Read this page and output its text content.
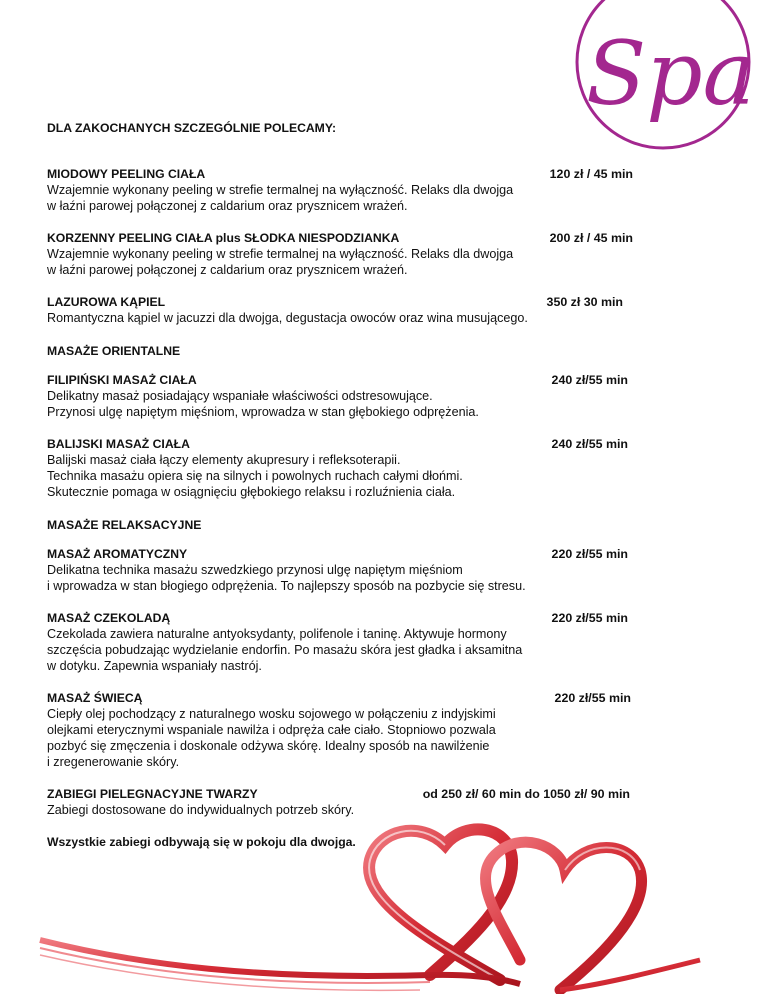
Spa
DLA ZAKOCHANYCH SZCZEGÓLNIE POLECAMY:
MIODOWY PEELING CIAŁA	120 zł / 45 min
Wzajemnie wykonany peeling w strefie termalnej na wyłączność. Relaks dla dwojga
w łaźni parowej połączonej z caldarium oraz prysznicem wrażeń.
KORZENNY PEELING CIAŁA plus SŁODKA NIESPODZIANKA	200 zł / 45 min
Wzajemnie wykonany peeling w strefie termalnej na wyłączność. Relaks dla dwojga
w łaźni parowej połączonej z caldarium oraz prysznicem wrażeń.
LAZUROWA KĄPIEL	350 zł 30 min
Romantyczna kąpiel w jacuzzi dla dwojga, degustacja owoców oraz wina musującego.
MASAŻE ORIENTALNE
FILIPIŃSKI MASAŻ CIAŁA	240 zł/55 min
Delikatny masaż posiadający wspaniałe właściwości odstresowujące.
Przynosi ulgę napiętym mięśniom, wprowadza w stan głębokiego odprężenia.
BALIJSKI MASAŻ CIAŁA	240 zł/55 min
Balijski masaż ciała łączy elementy akupresury i refleksoterapii.
Technika masażu opiera się na silnych i powolnych ruchach całymi dłońmi.
Skutecznie pomaga w osiągnięciu głębokiego relaksu i rozluźnienia ciała.
MASAŻE RELAKSACYJNE
MASAŻ AROMATYCZNY	220 zł/55 min
Delikatna technika masażu szwedzkiego przynosi ulgę napiętym mięśniom
i wprowadza w stan błogiego odprężenia. To najlepszy sposób na pozbycie się stresu.
MASAŻ CZEKOLADĄ	220 zł/55 min
Czekolada zawiera naturalne antyoksydanty, polifenole i taninę. Aktywuje hormony
szczęścia pobudzając wydzielanie endorfin. Po masażu skóra jest gładka i aksamitna
w dotyku. Zapewnia wspaniały nastrój.
MASAŻ ŚWIECĄ	220 zł/55 min
Ciepły olej pochodzący z naturalnego wosku sojowego w połączeniu z indyjskimi
olejkami eterycznymi wspaniale nawilża i odpręża całe ciało. Stopniowo pozwala
pozbyć się zmęczenia i doskonale odżywa skórę. Idealny sposób na nawilżenie
i zregenerowanie skóry.
ZABIEGI PIELEGNACYJNE TWARZY	od 250 zł/ 60 min do 1050 zł/ 90 min
Zabiegi dostosowane do indywidualnych potrzeb skóry.
Wszystkie zabiegi odbywają się w pokoju dla dwojga.
